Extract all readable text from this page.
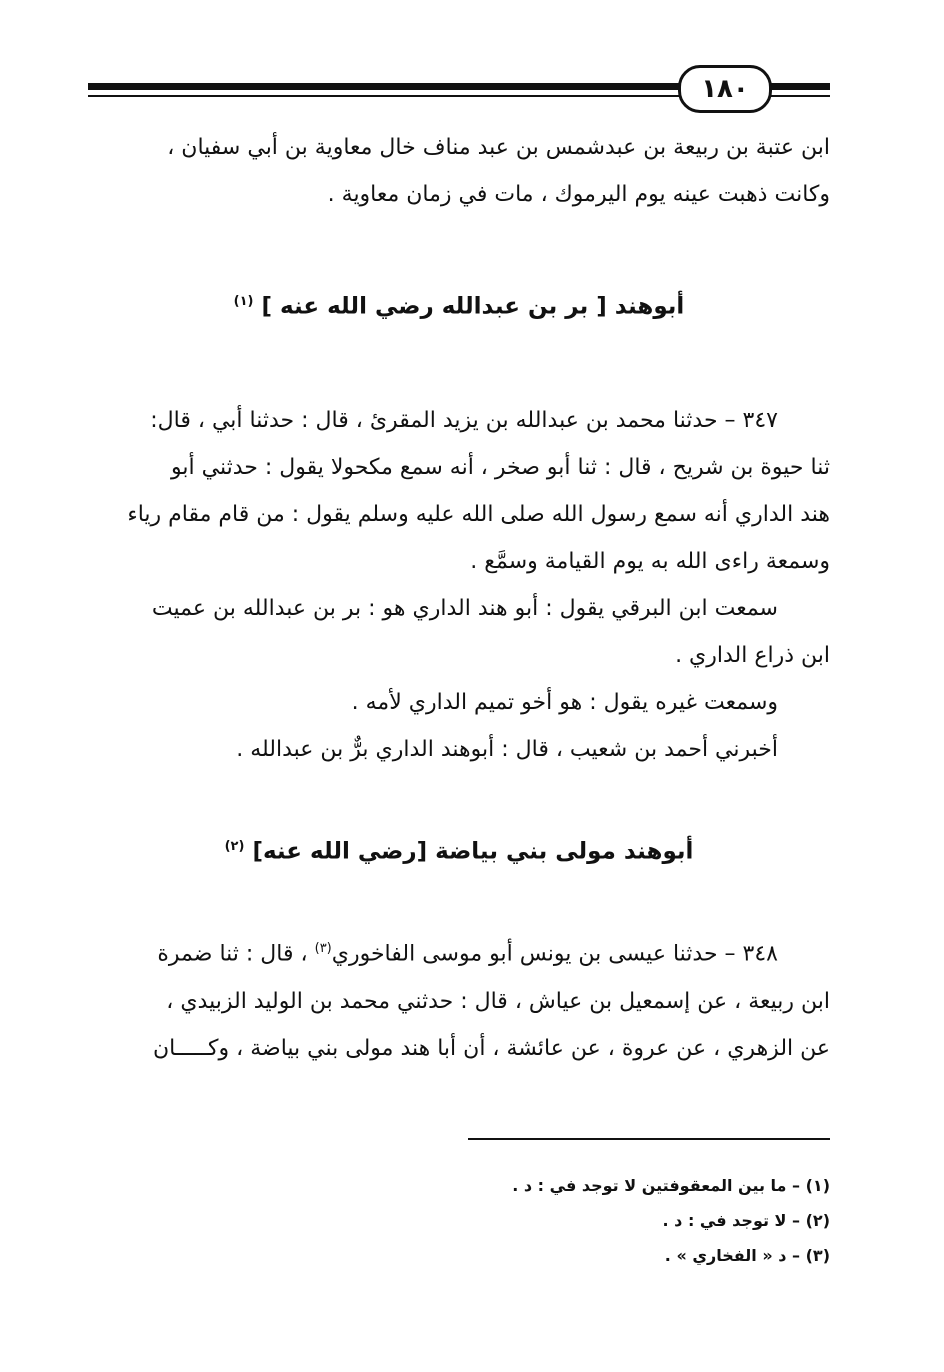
١٨٠

ابن عتبة بن ربيعة بن عبدشمس بن عبد مناف خال معاوية بن أبي سفيان ،

وكانت ذهبت عينه يوم اليرموك ، مات في زمان معاوية .

أبوهند [ بر بن عبدالله رضي الله عنه ] $^{(١)}$

٣٤٧ – حدثنا محمد بن عبدالله بن يزيد المقرئ ، قال : حدثنا أبي ، قال:

ثنا حيوة بن شريح ، قال : ثنا أبو صخر ، أنه سمع مكحولا يقول : حدثني أبو

هند الداري أنه سمع رسول الله صلى الله عليه وسلم يقول : من قام مقام رياء

وسمعة راءى الله به يوم القيامة وسمَّع .

سمعت ابن البرقي يقول : أبو هند الداري هو : بر بن عبدالله بن عميت

ابن ذراع الداري .

وسمعت غيره يقول : هو أخو تميم الداري لأمه .

أخبرني أحمد بن شعيب ، قال : أبوهند الداري برٌّ بن عبدالله .

أبوهند مولى بني بياضة [رضي الله عنه] $^{(٢)}$

٣٤٨ – حدثنا عيسى بن يونس أبو موسى الفاخوري$^{(٣)}$ ، قال : ثنا ضمرة

ابن ربيعة ، عن إسمعيل بن عياش ، قال : حدثني محمد بن الوليد الزبيدي ،

عن الزهري ، عن عروة ، عن عائشة ، أن أبا هند مولى بني بياضة ، وكـــــان

(١) – ما بين المعقوفتين لا توجد في : د .

(٢) – لا توجد في : د .

(٣) – د « الفخاري » .
